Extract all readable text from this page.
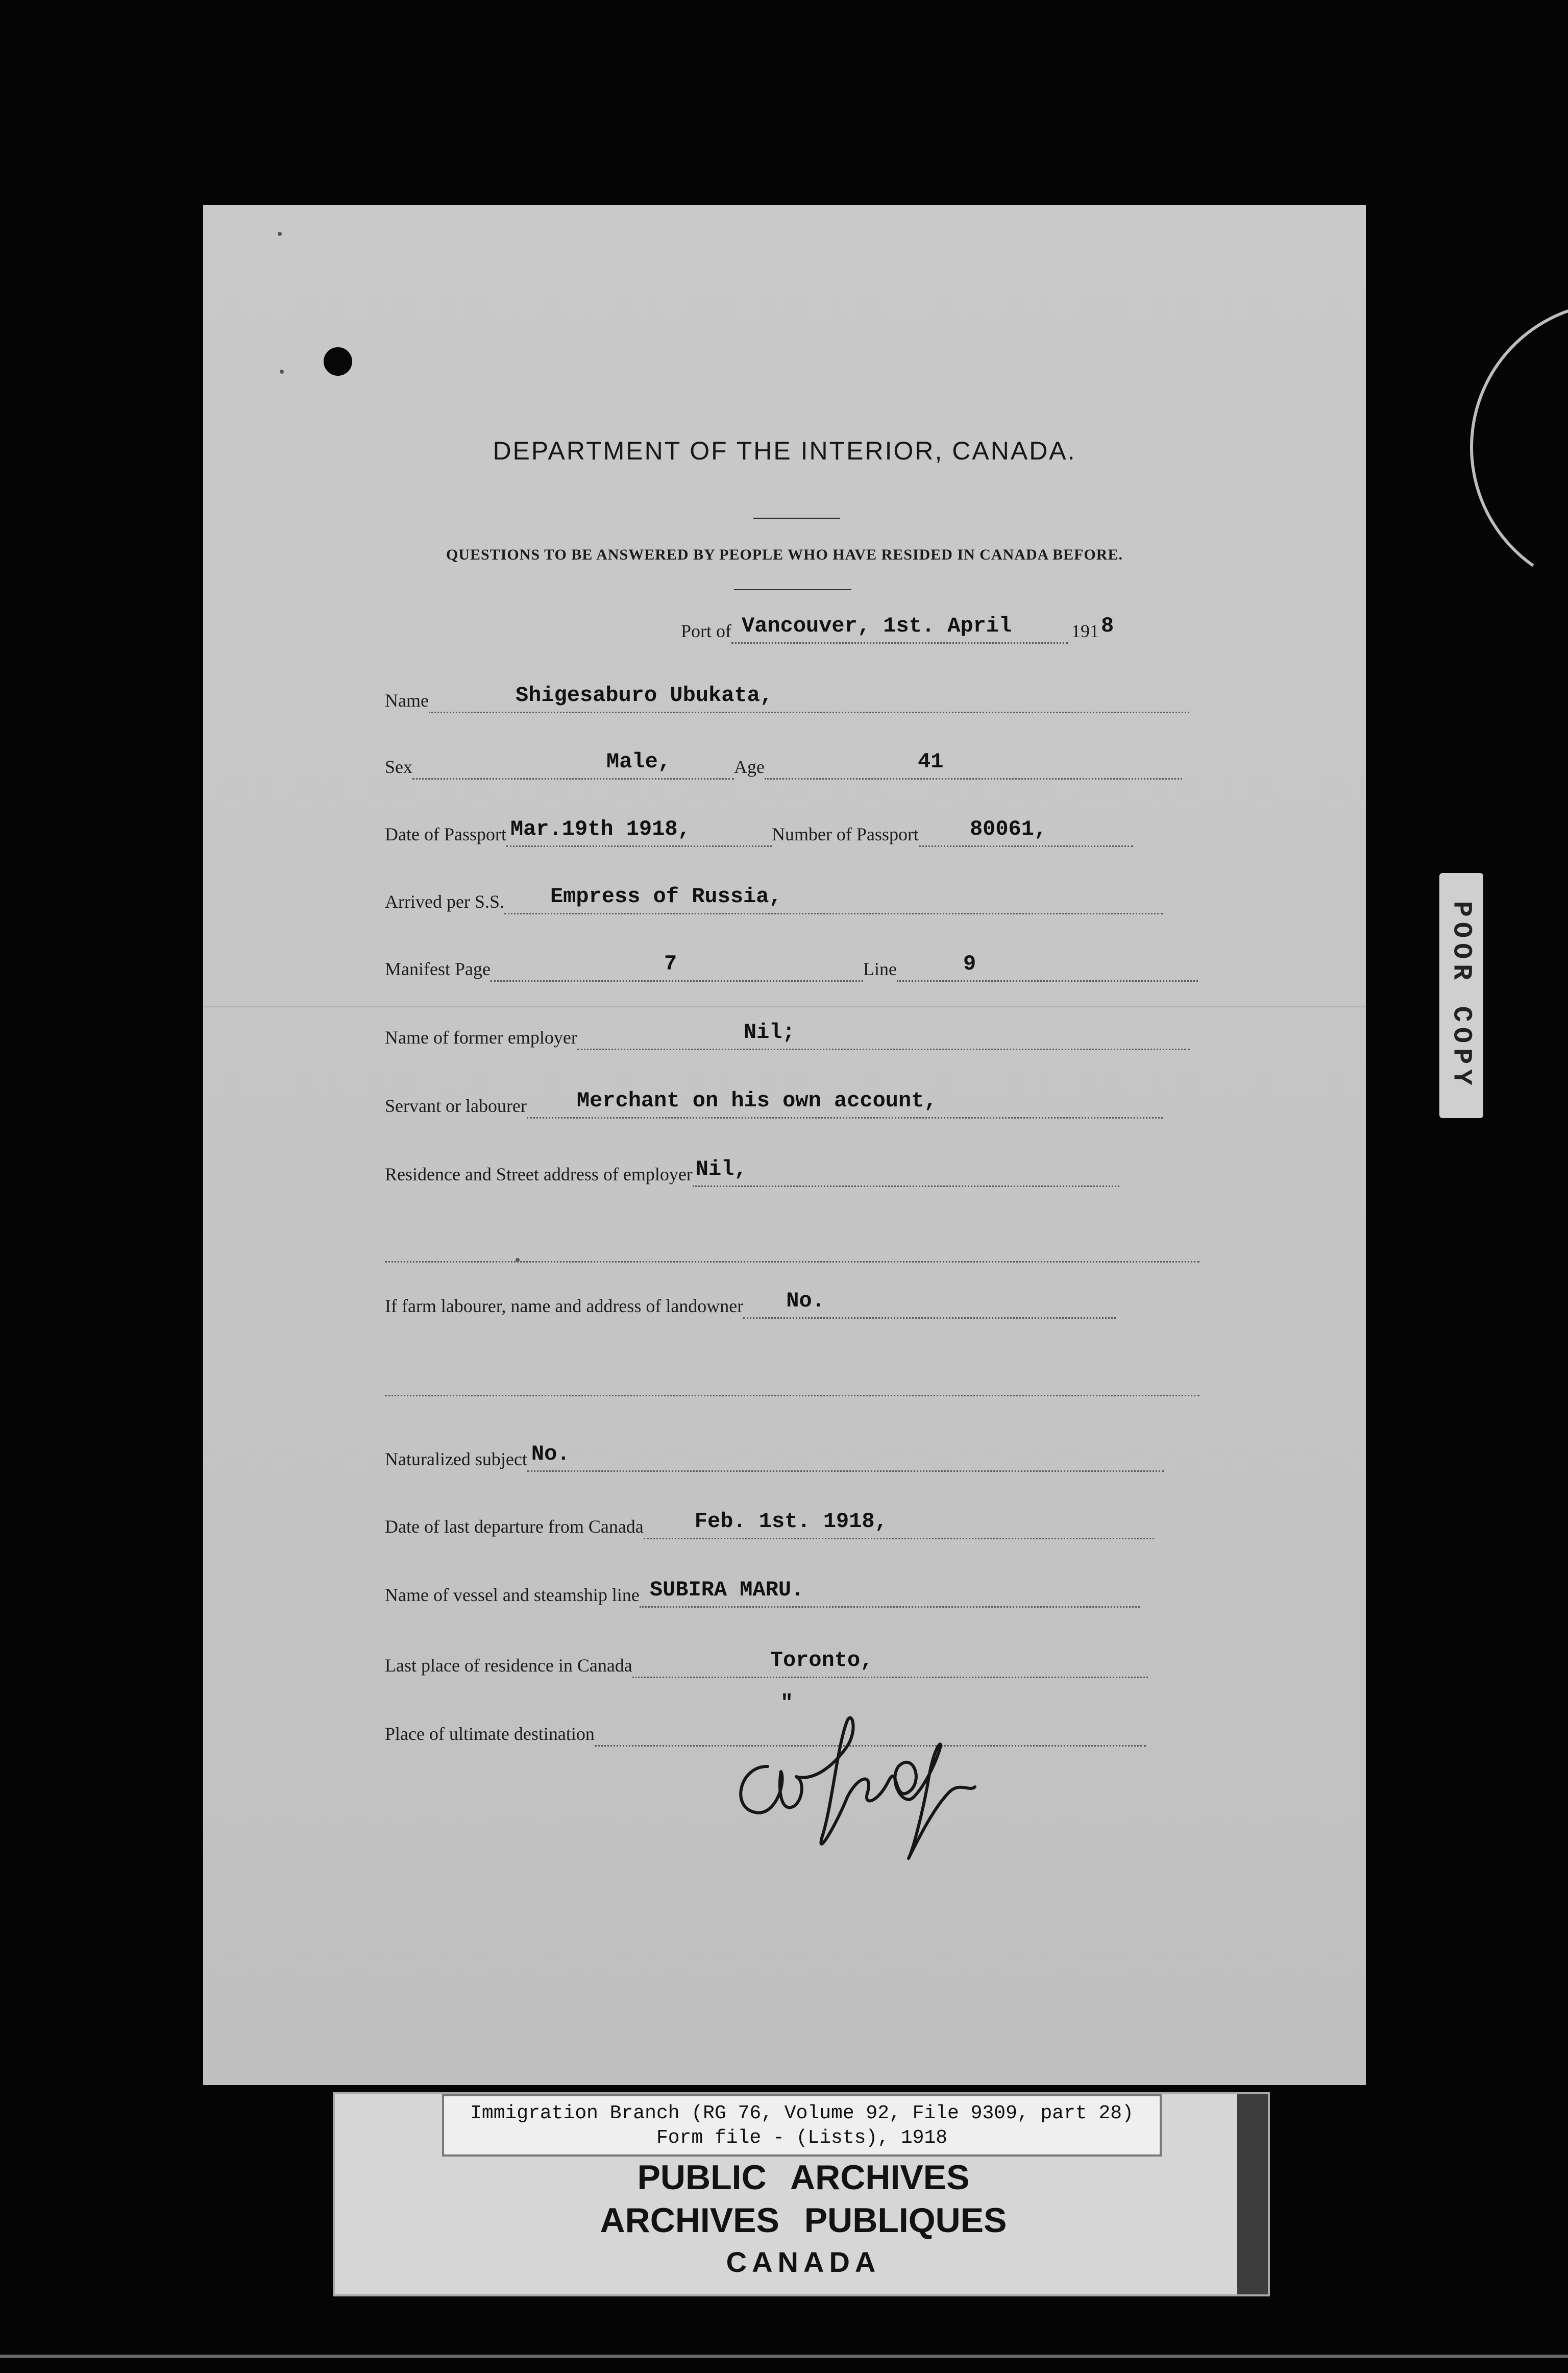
POOR COPY
DEPARTMENT OF THE INTERIOR, CANADA.
QUESTIONS TO BE ANSWERED BY PEOPLE WHO HAVE RESIDED IN CANADA BEFORE.
Port of Vancouver, 1st. April	191 8
Name	Shigesaburo Ubukata,
Sex	Male,	Age	41
Date of Passport Mar.19th 1918,	Number of Passport 80061,
Arrived per S.S. Empress of Russia,
Manifest Page	7	Line	9
Name of former employer	Nil;
Servant or labourer Merchant on his own account,
Residence and Street address of employer Nil,
If farm labourer, name and address of landowner No.
Naturalized subject No.
Date of last departure from Canada Feb. 1st. 1918,
Name of vessel and steamship line SUBIRA MARU.
Last place of residence in Canada	Toronto,
Place of ultimate destination
"
Immigration Branch (RG 76, Volume 92, File 9309, part 28)
Form file - (Lists), 1918
PUBLIC ARCHIVES
ARCHIVES PUBLIQUES
CANADA
